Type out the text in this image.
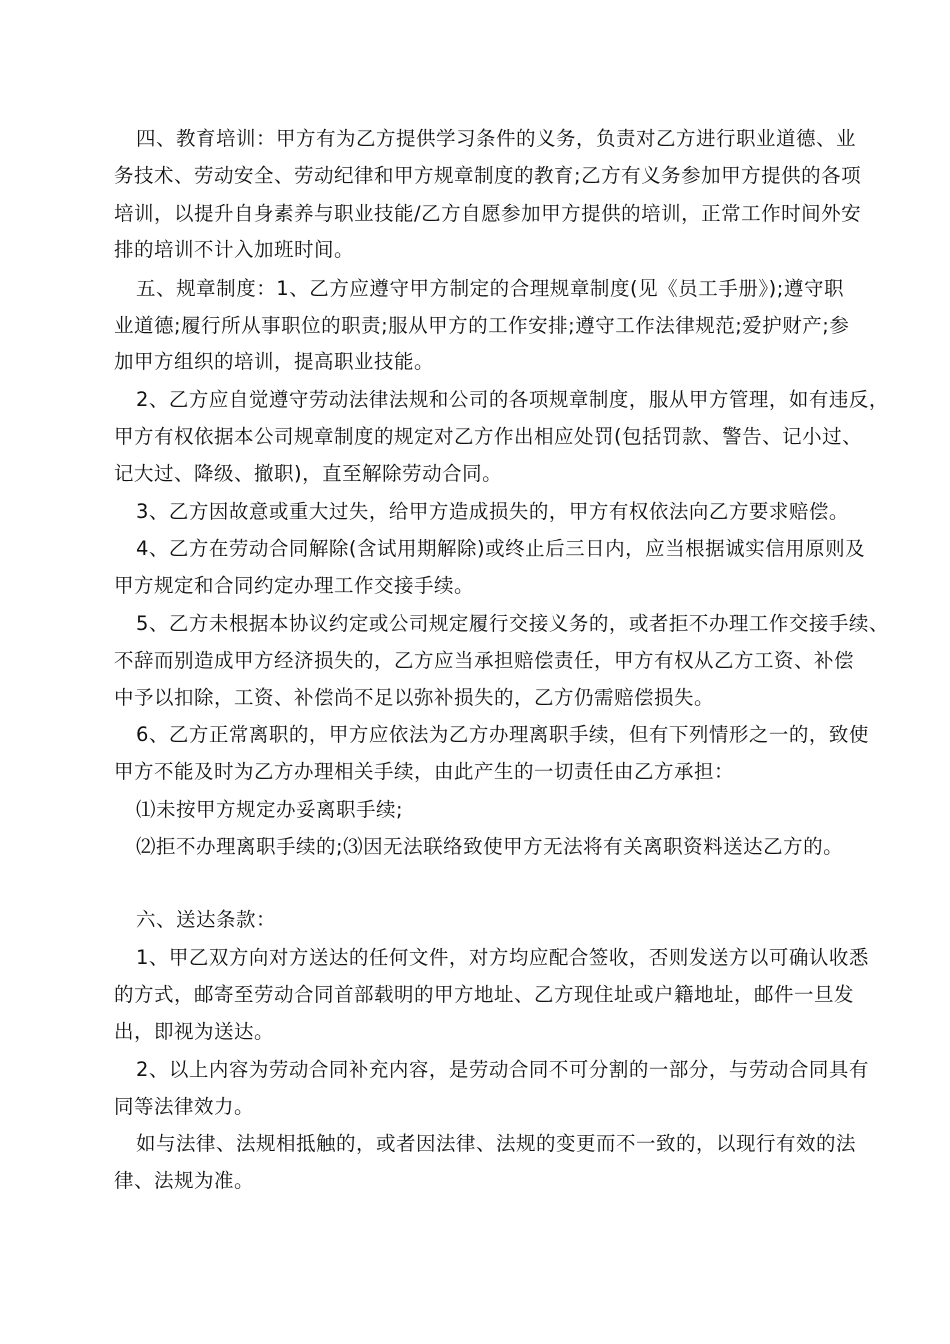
四、教育培训：甲方有为乙方提供学习条件的义务，负责对乙方进行职业道德、业
务技术、劳动安全、劳动纪律和甲方规章制度的教育;乙方有义务参加甲方提供的各项
培训，以提升自身素养与职业技能/乙方自愿参加甲方提供的培训，正常工作时间外安
排的培训不计入加班时间。
五、规章制度：1、乙方应遵守甲方制定的合理规章制度(见《员工手册》);遵守职
业道德;履行所从事职位的职责;服从甲方的工作安排;遵守工作法律规范;爱护财产;参
加甲方组织的培训，提高职业技能。
2、乙方应自觉遵守劳动法律法规和公司的各项规章制度，服从甲方管理，如有违反，
甲方有权依据本公司规章制度的规定对乙方作出相应处罚(包括罚款、警告、记小过、
记大过、降级、撤职)，直至解除劳动合同。
3、乙方因故意或重大过失，给甲方造成损失的，甲方有权依法向乙方要求赔偿。
4、乙方在劳动合同解除(含试用期解除)或终止后三日内，应当根据诚实信用原则及
甲方规定和合同约定办理工作交接手续。
5、乙方未根据本协议约定或公司规定履行交接义务的，或者拒不办理工作交接手续、
不辞而别造成甲方经济损失的，乙方应当承担赔偿责任，甲方有权从乙方工资、补偿
中予以扣除，工资、补偿尚不足以弥补损失的，乙方仍需赔偿损失。
6、乙方正常离职的，甲方应依法为乙方办理离职手续，但有下列情形之一的，致使
甲方不能及时为乙方办理相关手续，由此产生的一切责任由乙方承担：
⑴未按甲方规定办妥离职手续;
⑵拒不办理离职手续的;⑶因无法联络致使甲方无法将有关离职资料送达乙方的。
六、送达条款：
1、甲乙双方向对方送达的任何文件，对方均应配合签收，否则发送方以可确认收悉
的方式，邮寄至劳动合同首部载明的甲方地址、乙方现住址或户籍地址，邮件一旦发
出，即视为送达。
2、以上内容为劳动合同补充内容，是劳动合同不可分割的一部分，与劳动合同具有
同等法律效力。
如与法律、法规相抵触的，或者因法律、法规的变更而不一致的，以现行有效的法
律、法规为准。
